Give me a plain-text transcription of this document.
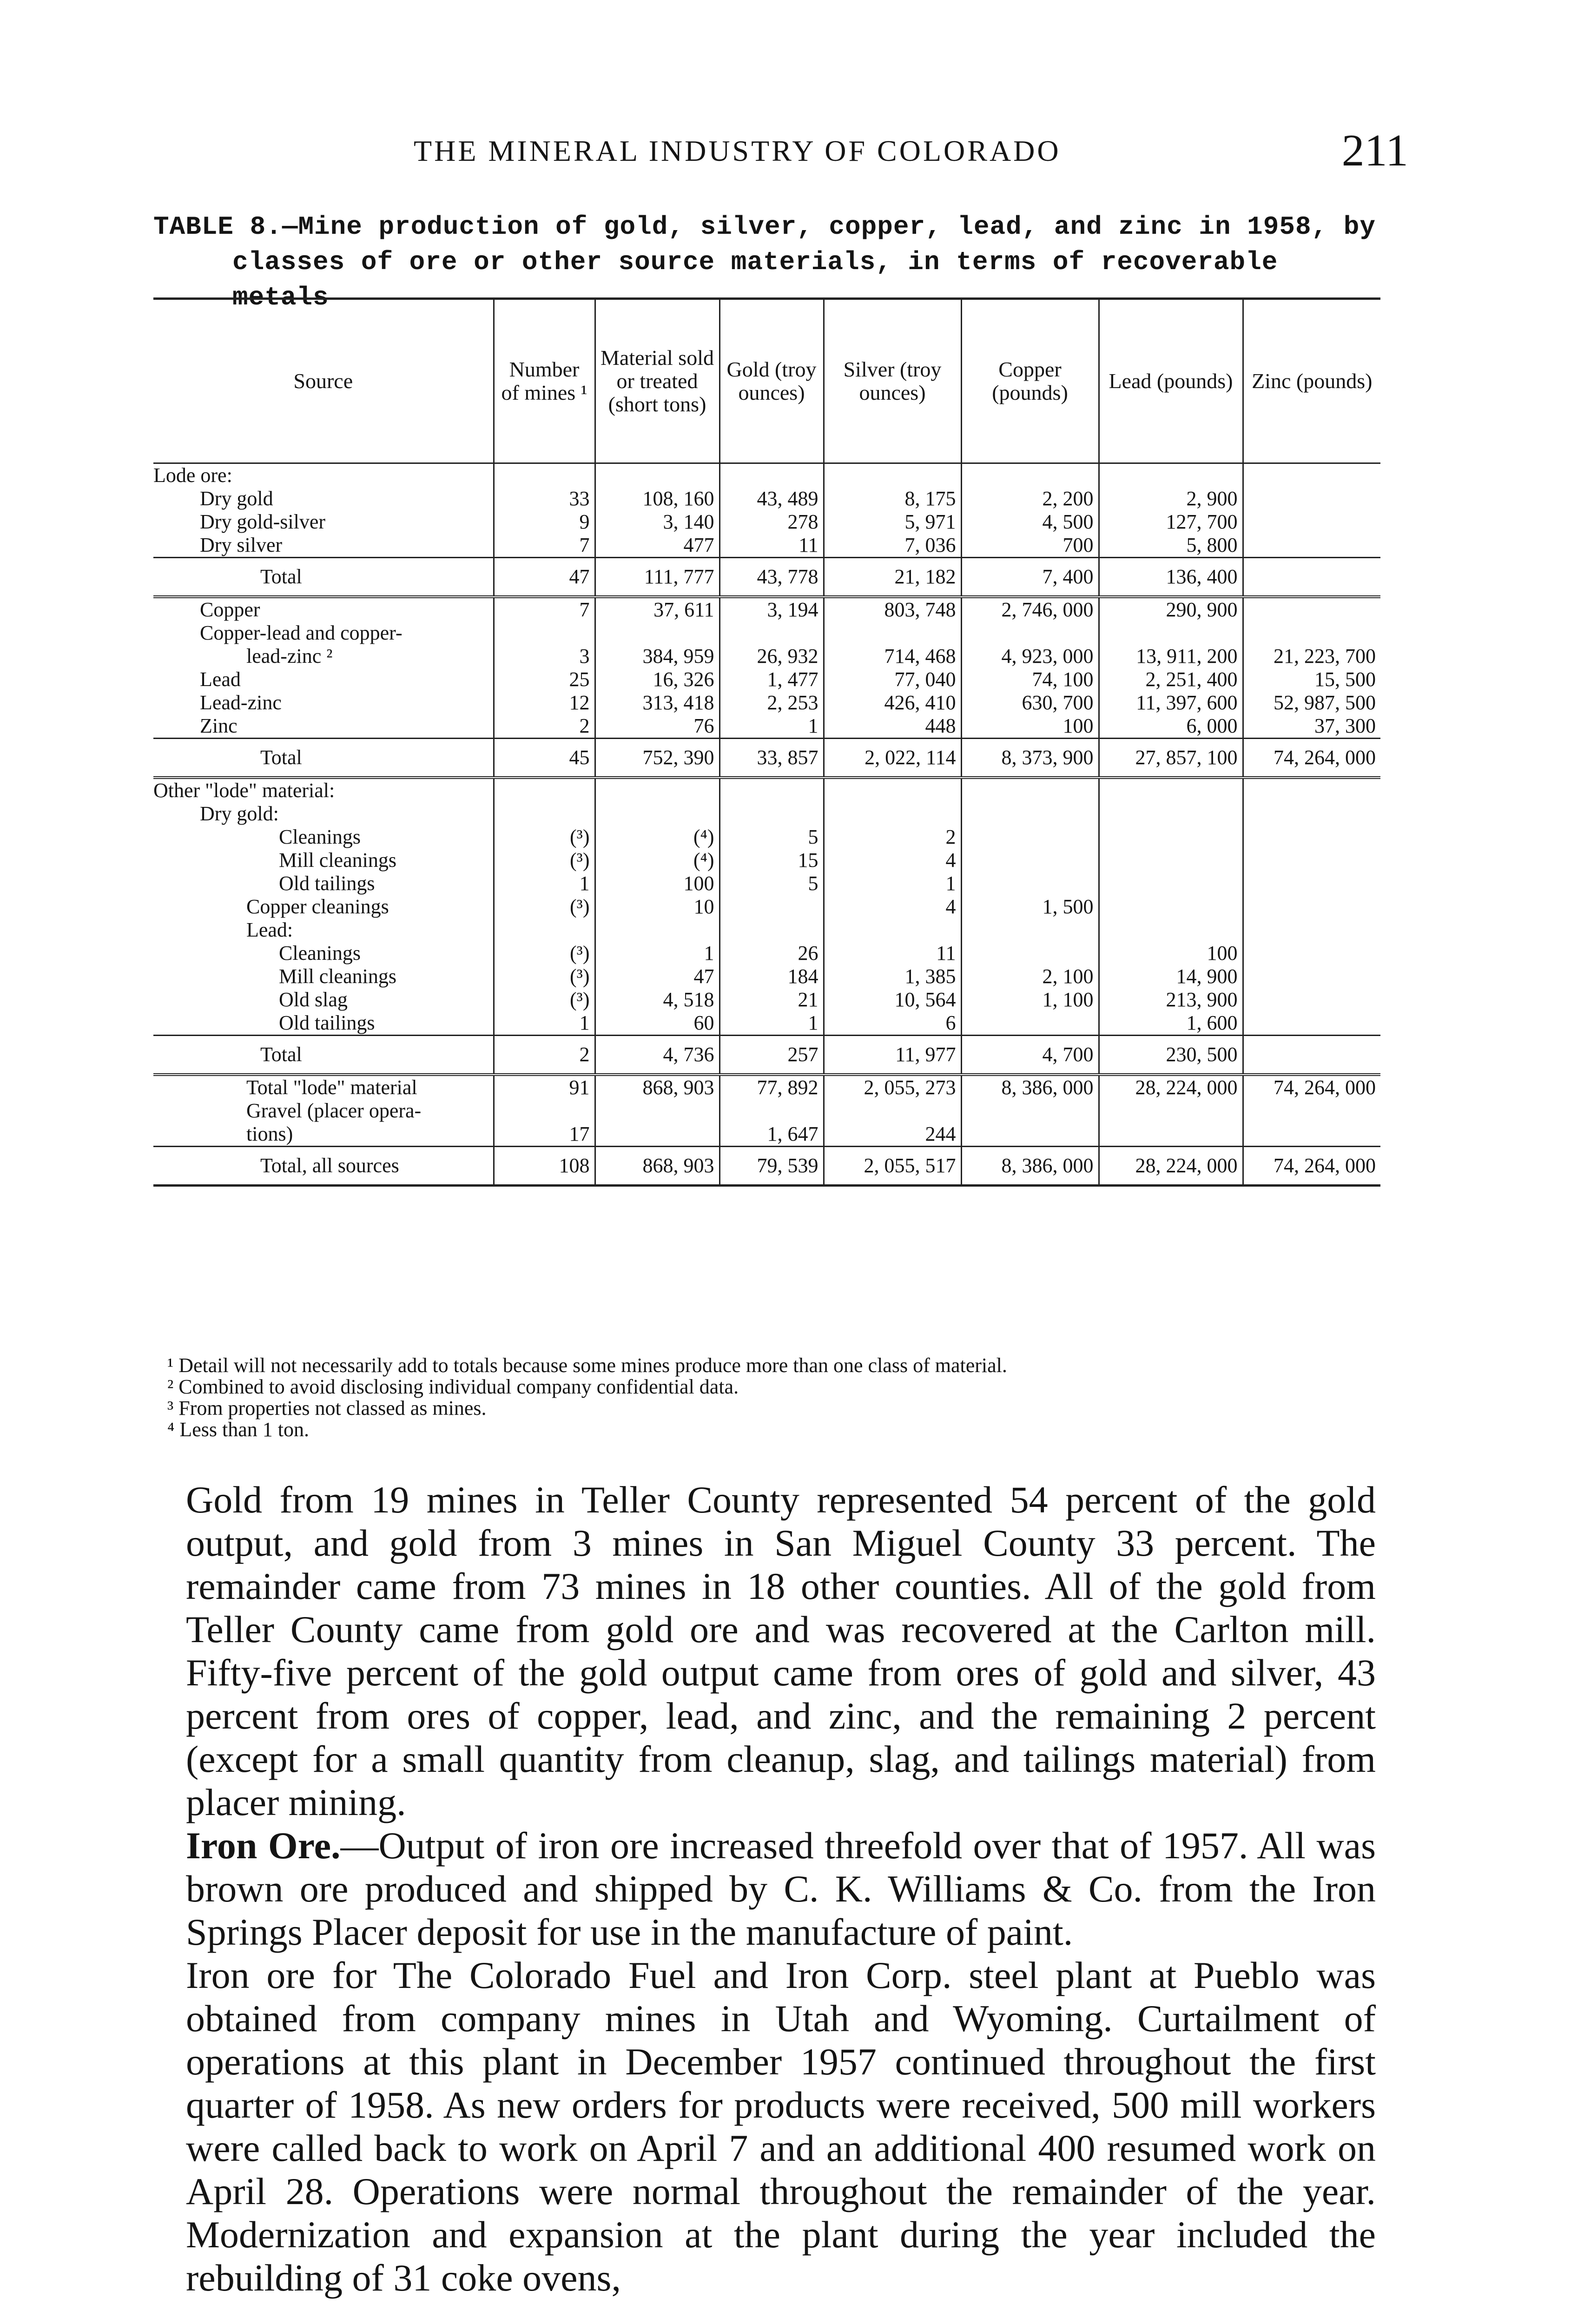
THE MINERAL INDUSTRY OF COLORADO	211
TABLE 8.—Mine production of gold, silver, copper, lead, and zinc in 1958, by
classes of ore or other source materials, in terms of recoverable metals
Source	Number of mines ¹	Material sold or treated (short tons)	Gold (troy ounces)	Silver (troy ounces)	Copper (pounds)	Lead (pounds)	Zinc (pounds)
Lode ore:							
Dry gold	33	108, 160	43, 489	8, 175	2, 200	2, 900	
Dry gold-silver	9	3, 140	278	5, 971	4, 500	127, 700	
Dry silver	7	477	11	7, 036	700	5, 800	
Total	47	111, 777	43, 778	21, 182	7, 400	136, 400	
Copper	7	37, 611	3, 194	803, 748	2, 746, 000	290, 900	
Copper-lead and copper-							
lead-zinc ²	3	384, 959	26, 932	714, 468	4, 923, 000	13, 911, 200	21, 223, 700
Lead	25	16, 326	1, 477	77, 040	74, 100	2, 251, 400	15, 500
Lead-zinc	12	313, 418	2, 253	426, 410	630, 700	11, 397, 600	52, 987, 500
Zinc	2	76	1	448	100	6, 000	37, 300
Total	45	752, 390	33, 857	2, 022, 114	8, 373, 900	27, 857, 100	74, 264, 000
Other "lode" material:							
Dry gold:							
Cleanings	(³)	(⁴)	5	2			
Mill cleanings	(³)	(⁴)	15	4			
Old tailings	1	100	5	1			
Copper cleanings	(³)	10		4	1, 500		
Lead:							
Cleanings	(³)	1	26	11		100	
Mill cleanings	(³)	47	184	1, 385	2, 100	14, 900	
Old slag	(³)	4, 518	21	10, 564	1, 100	213, 900	
Old tailings	1	60	1	6		1, 600	
Total	2	4, 736	257	11, 977	4, 700	230, 500	
Total "lode" material	91	868, 903	77, 892	2, 055, 273	8, 386, 000	28, 224, 000	74, 264, 000
Gravel (placer opera-							
tions)	17		1, 647	244			
Total, all sources	108	868, 903	79, 539	2, 055, 517	8, 386, 000	28, 224, 000	74, 264, 000
¹ Detail will not necessarily add to totals because some mines produce more than one class of material.
² Combined to avoid disclosing individual company confidential data.
³ From properties not classed as mines.
⁴ Less than 1 ton.

Gold from 19 mines in Teller County represented 54 percent of the gold output, and gold from 3 mines in San Miguel County 33 percent. The remainder came from 73 mines in 18 other counties. All of the gold from Teller County came from gold ore and was recovered at the Carlton mill. Fifty-five percent of the gold output came from ores of gold and silver, 43 percent from ores of copper, lead, and zinc, and the remaining 2 percent (except for a small quantity from cleanup, slag, and tailings material) from placer mining.

Iron Ore.—Output of iron ore increased threefold over that of 1957. All was brown ore produced and shipped by C. K. Williams & Co. from the Iron Springs Placer deposit for use in the manufacture of paint.

Iron ore for The Colorado Fuel and Iron Corp. steel plant at Pueblo was obtained from company mines in Utah and Wyoming. Curtailment of operations at this plant in December 1957 continued throughout the first quarter of 1958. As new orders for products were received, 500 mill workers were called back to work on April 7 and an additional 400 resumed work on April 28. Operations were normal throughout the remainder of the year. Modernization and expansion at the plant during the year included the rebuilding of 31 coke ovens,
